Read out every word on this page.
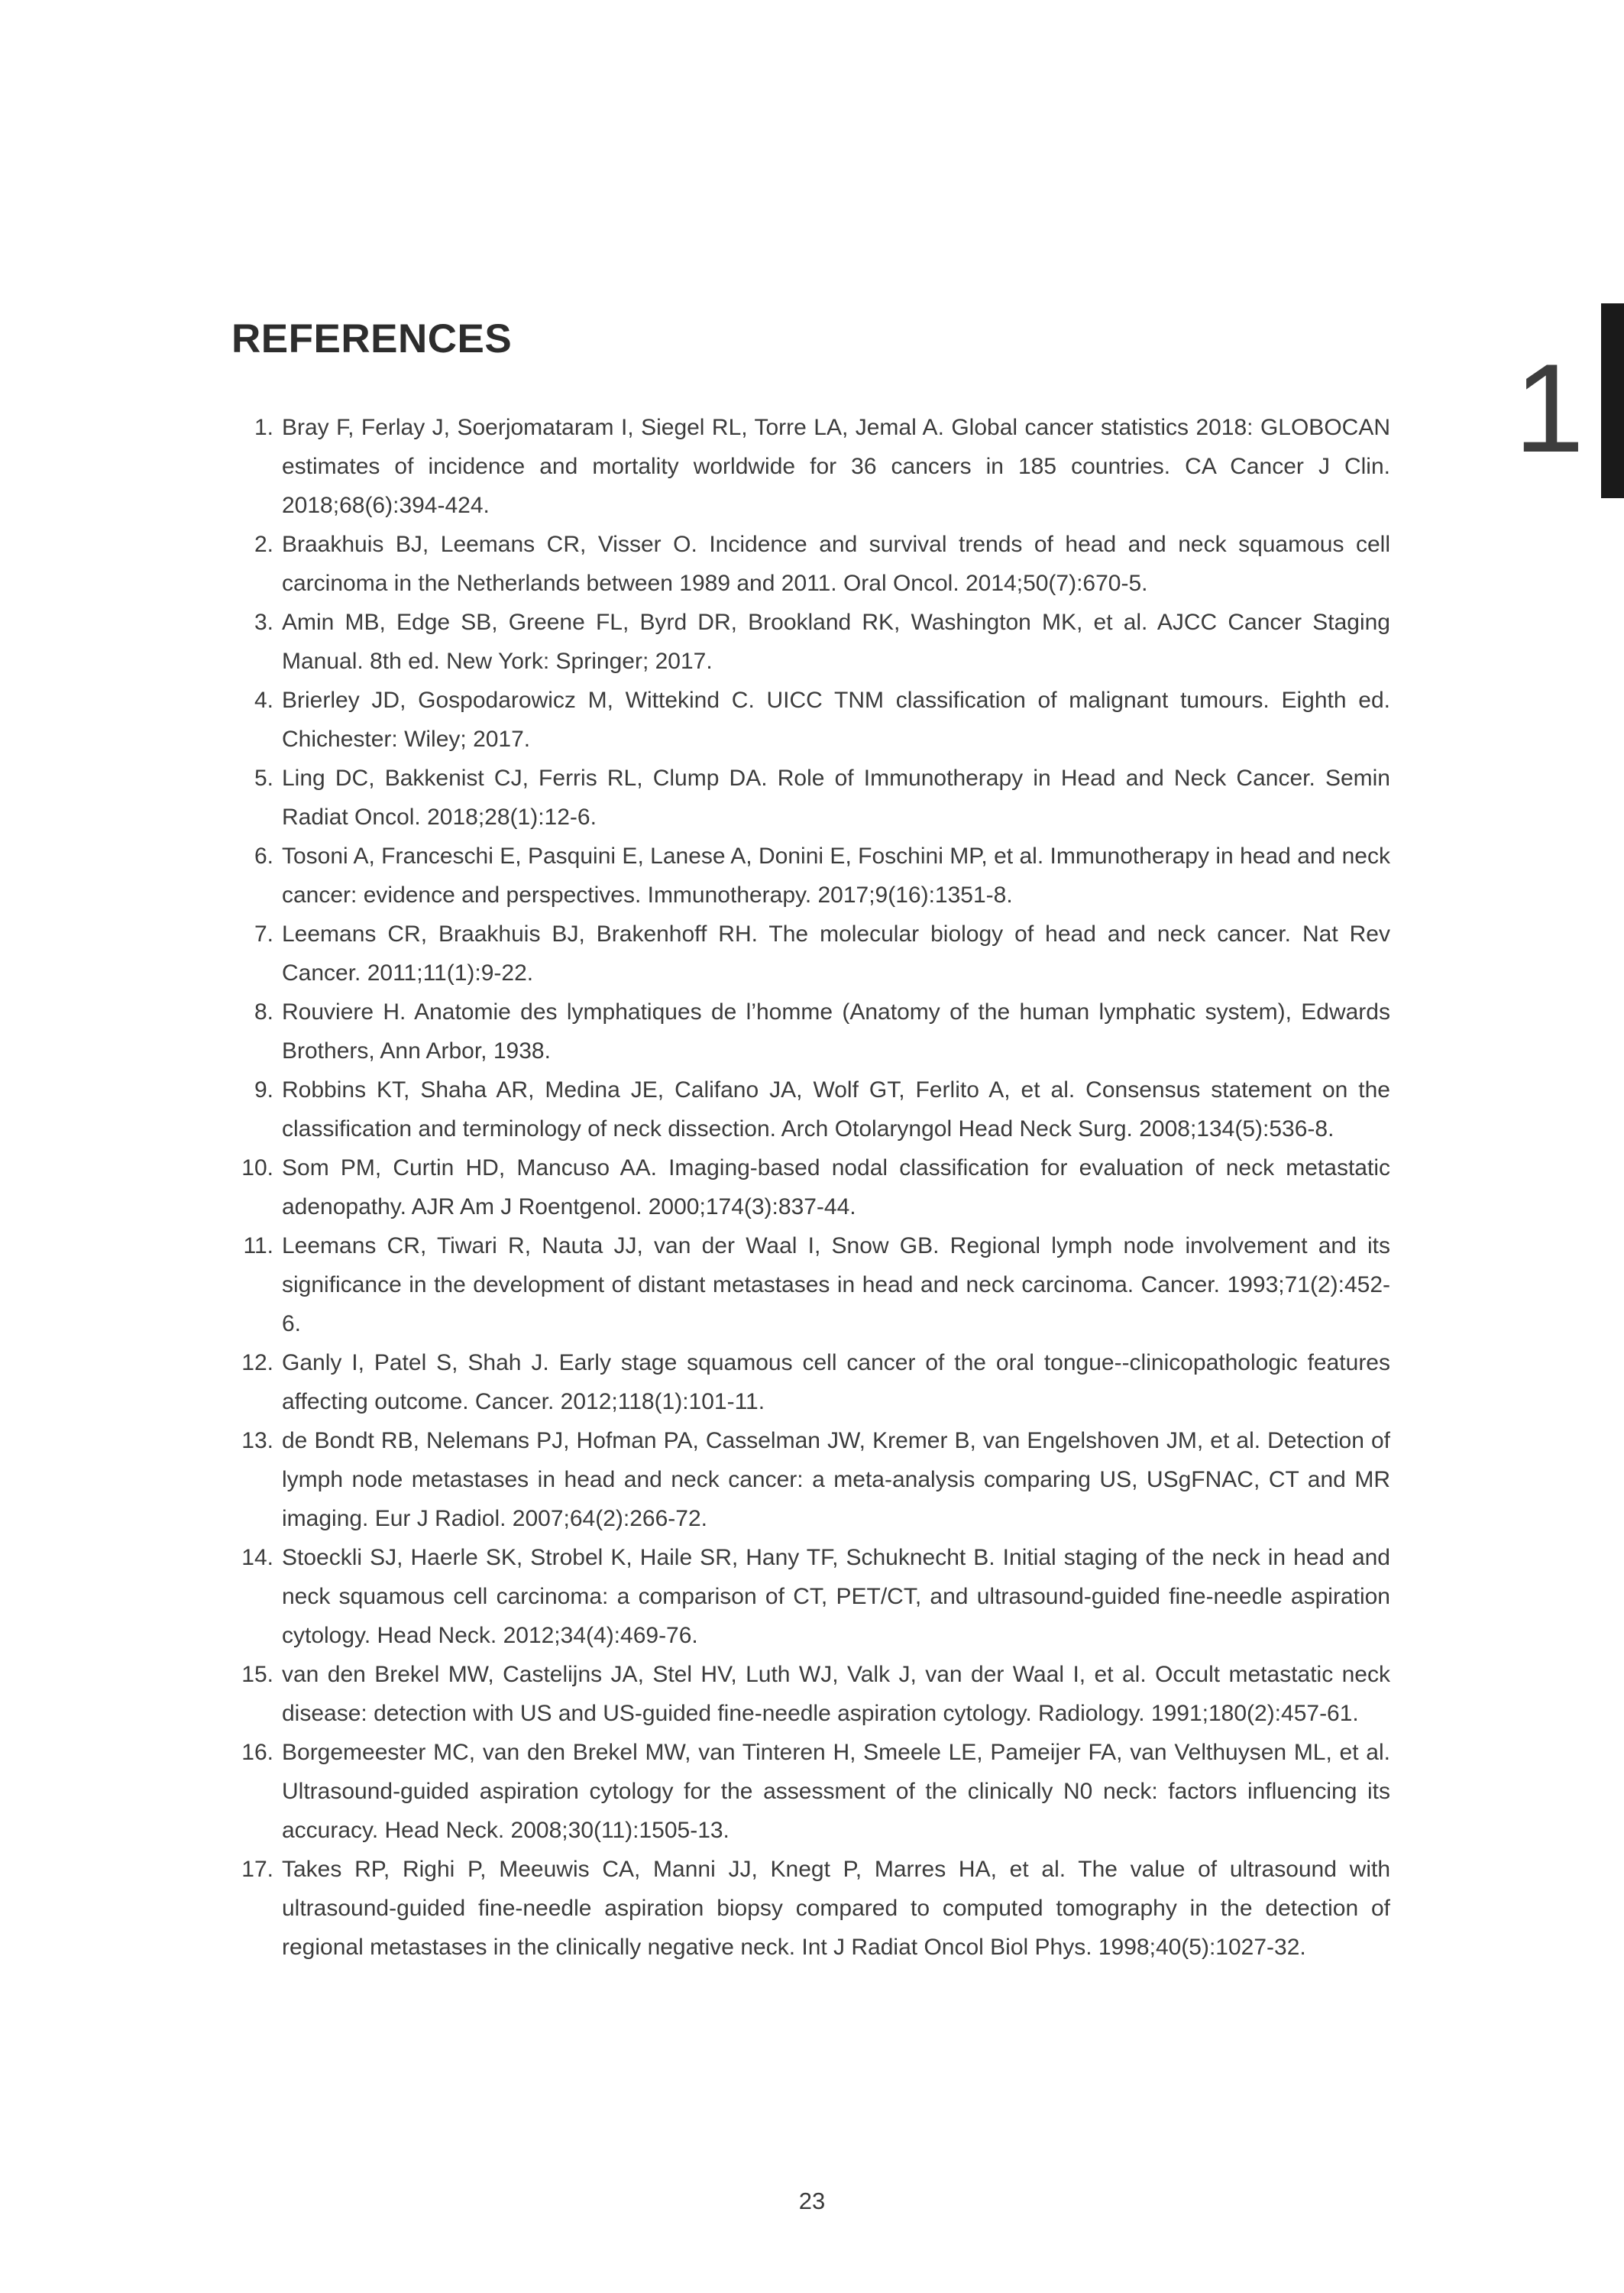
REFERENCES	1
1. Bray F, Ferlay J, Soerjomataram I, Siegel RL, Torre LA, Jemal A. Global cancer statistics 2018: GLOBOCAN estimates of incidence and mortality worldwide for 36 cancers in 185 countries. CA Cancer J Clin. 2018;68(6):394-424.
2. Braakhuis BJ, Leemans CR, Visser O. Incidence and survival trends of head and neck squamous cell carcinoma in the Netherlands between 1989 and 2011. Oral Oncol. 2014;50(7):670-5.
3. Amin MB, Edge SB, Greene FL, Byrd DR, Brookland RK, Washington MK, et al. AJCC Cancer Staging Manual. 8th ed. New York: Springer; 2017.
4. Brierley JD, Gospodarowicz M, Wittekind C. UICC TNM classification of malignant tumours. Eighth ed. Chichester: Wiley; 2017.
5. Ling DC, Bakkenist CJ, Ferris RL, Clump DA. Role of Immunotherapy in Head and Neck Cancer. Semin Radiat Oncol. 2018;28(1):12-6.
6. Tosoni A, Franceschi E, Pasquini E, Lanese A, Donini E, Foschini MP, et al. Immunotherapy in head and neck cancer: evidence and perspectives. Immunotherapy. 2017;9(16):1351-8.
7. Leemans CR, Braakhuis BJ, Brakenhoff RH. The molecular biology of head and neck cancer. Nat Rev Cancer. 2011;11(1):9-22.
8. Rouviere H. Anatomie des lymphatiques de l’homme (Anatomy of the human lymphatic system), Edwards Brothers, Ann Arbor, 1938.
9. Robbins KT, Shaha AR, Medina JE, Califano JA, Wolf GT, Ferlito A, et al. Consensus statement on the classification and terminology of neck dissection. Arch Otolaryngol Head Neck Surg. 2008;134(5):536-8.
10. Som PM, Curtin HD, Mancuso AA. Imaging-based nodal classification for evaluation of neck metastatic adenopathy. AJR Am J Roentgenol. 2000;174(3):837-44.
11. Leemans CR, Tiwari R, Nauta JJ, van der Waal I, Snow GB. Regional lymph node involvement and its significance in the development of distant metastases in head and neck carcinoma. Cancer. 1993;71(2):452-6.
12. Ganly I, Patel S, Shah J. Early stage squamous cell cancer of the oral tongue--clinicopathologic features affecting outcome. Cancer. 2012;118(1):101-11.
13. de Bondt RB, Nelemans PJ, Hofman PA, Casselman JW, Kremer B, van Engelshoven JM, et al. Detection of lymph node metastases in head and neck cancer: a meta-analysis comparing US, USgFNAC, CT and MR imaging. Eur J Radiol. 2007;64(2):266-72.
14. Stoeckli SJ, Haerle SK, Strobel K, Haile SR, Hany TF, Schuknecht B. Initial staging of the neck in head and neck squamous cell carcinoma: a comparison of CT, PET/CT, and ultrasound-guided fine-needle aspiration cytology. Head Neck. 2012;34(4):469-76.
15. van den Brekel MW, Castelijns JA, Stel HV, Luth WJ, Valk J, van der Waal I, et al. Occult metastatic neck disease: detection with US and US-guided fine-needle aspiration cytology. Radiology. 1991;180(2):457-61.
16. Borgemeester MC, van den Brekel MW, van Tinteren H, Smeele LE, Pameijer FA, van Velthuysen ML, et al. Ultrasound-guided aspiration cytology for the assessment of the clinically N0 neck: factors influencing its accuracy. Head Neck. 2008;30(11):1505-13.
17. Takes RP, Righi P, Meeuwis CA, Manni JJ, Knegt P, Marres HA, et al. The value of ultrasound with ultrasound-guided fine-needle aspiration biopsy compared to computed tomography in the detection of regional metastases in the clinically negative neck. Int J Radiat Oncol Biol Phys. 1998;40(5):1027-32.
23
